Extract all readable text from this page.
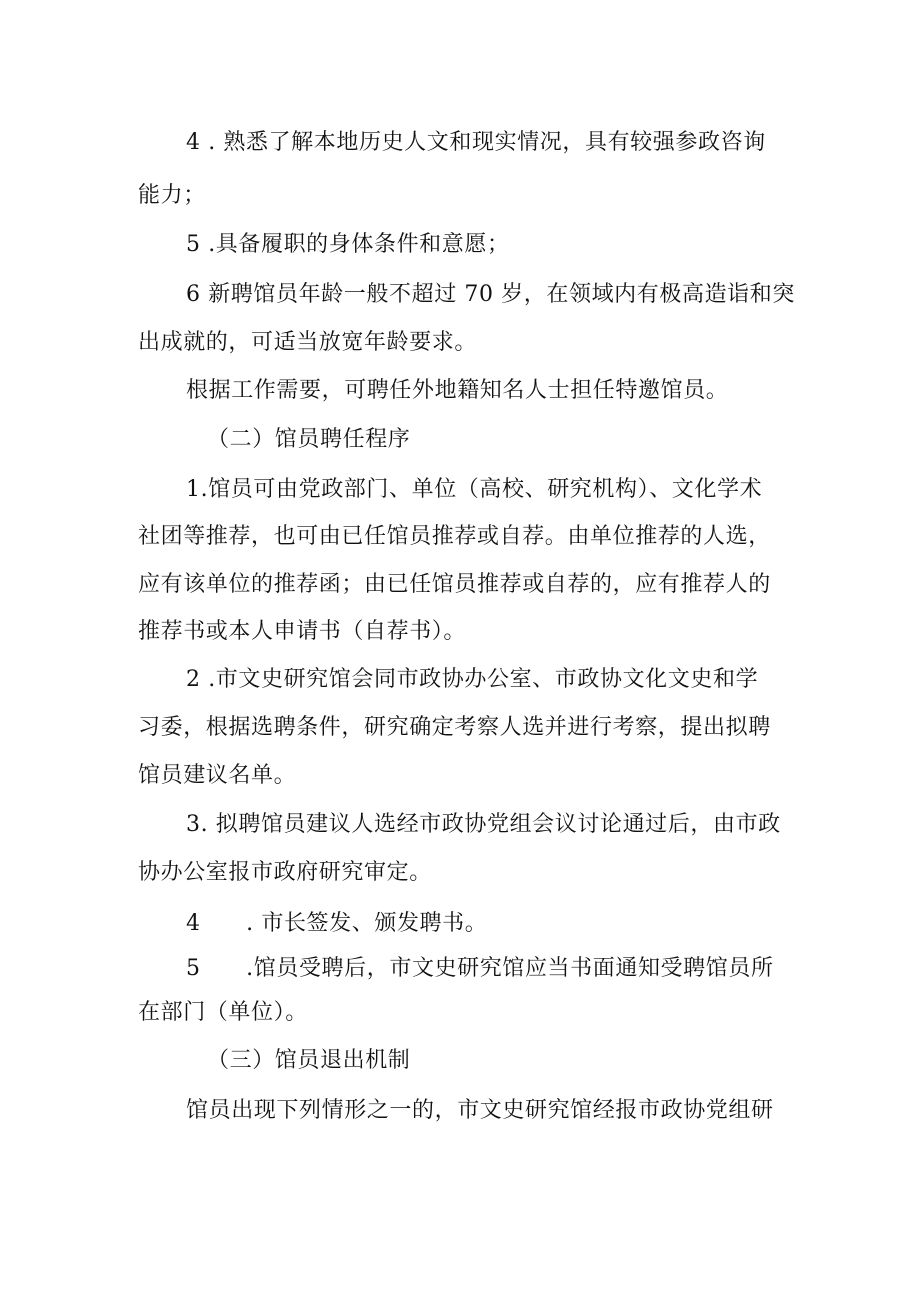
4 . 熟悉了解本地历史人文和现实情况，具有较强参政咨询
能力；
5 .具备履职的身体条件和意愿；
6 新聘馆员年龄一般不超过 70 岁，在领域内有极高造诣和突
出成就的，可适当放宽年龄要求。
根据工作需要，可聘任外地籍知名人士担任特邀馆员。
（二）馆员聘任程序
1.馆员可由党政部门、单位（高校、研究机构）、文化学术
社团等推荐，也可由已任馆员推荐或自荐。由单位推荐的人选，
应有该单位的推荐函；由已任馆员推荐或自荐的，应有推荐人的
推荐书或本人申请书（自荐书）。
2 .市文史研究馆会同市政协办公室、市政协文化文史和学
习委，根据选聘条件，研究确定考察人选并进行考察，提出拟聘
馆员建议名单。
3. 拟聘馆员建议人选经市政协党组会议讨论通过后，由市政
协办公室报市政府研究审定。
4      . 市长签发、颁发聘书。
5      .馆员受聘后，市文史研究馆应当书面通知受聘馆员所
在部门（单位）。
（三）馆员退出机制
馆员出现下列情形之一的，市文史研究馆经报市政协党组研
